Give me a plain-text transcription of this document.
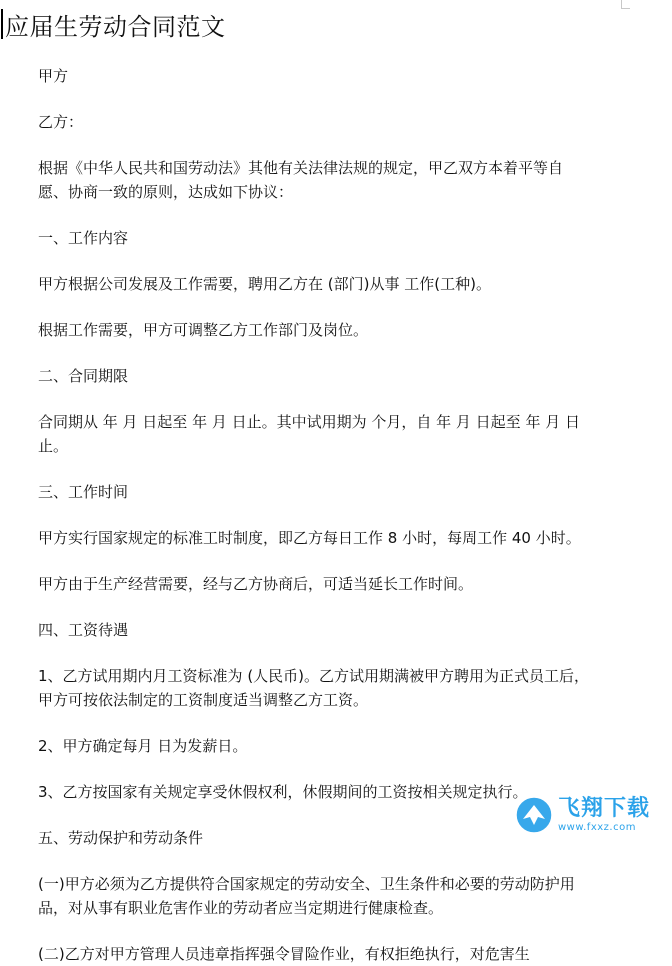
应届生劳动合同范文

甲方

乙方：

根据《中华人民共和国劳动法》其他有关法律法规的规定，甲乙双方本着平等自愿、协商一致的原则，达成如下协议：

一、工作内容

甲方根据公司发展及工作需要，聘用乙方在 (部门)从事 工作(工种)。

根据工作需要，甲方可调整乙方工作部门及岗位。

二、合同期限

合同期从 年 月 日起至 年 月 日止。其中试用期为 个月，自 年 月 日起至 年 月 日止。

三、工作时间

甲方实行国家规定的标准工时制度，即乙方每日工作 8 小时，每周工作 40 小时。

甲方由于生产经营需要，经与乙方协商后，可适当延长工作时间。

四、工资待遇

1、乙方试用期内月工资标准为 (人民币)。乙方试用期满被甲方聘用为正式员工后，甲方可按依法制定的工资制度适当调整乙方工资。

2、甲方确定每月 日为发薪日。

3、乙方按国家有关规定享受休假权利，休假期间的工资按相关规定执行。

五、劳动保护和劳动条件

(一)甲方必须为乙方提供符合国家规定的劳动安全、卫生条件和必要的劳动防护用品，对从事有职业危害作业的劳动者应当定期进行健康检查。

(二)乙方对甲方管理人员违章指挥强令冒险作业，有权拒绝执行，对危害生

飞翔下载
www.fxxz.com
